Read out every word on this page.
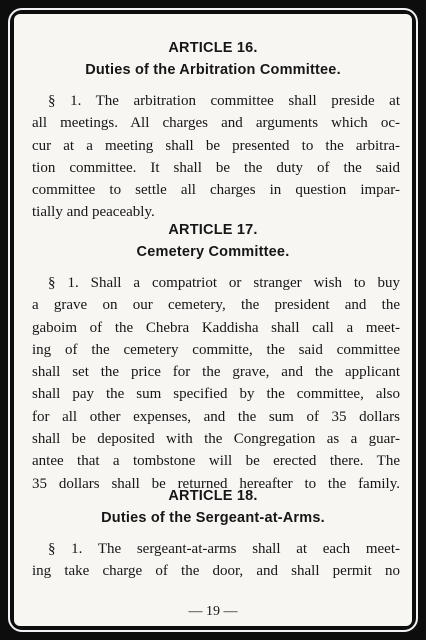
ARTICLE 16.
Duties of the Arbitration Committee.
§ 1. The arbitration committee shall preside at
all meetings. All charges and arguments which oc-
cur at a meeting shall be presented to the arbitra-
tion committee. It shall be the duty of the said
committee to settle all charges in question impar-
tially and peaceably.
ARTICLE 17.
Cemetery Committee.
§ 1. Shall a compatriot or stranger wish to buy
a grave on our cemetery, the president and the
gaboim of the Chebra Kaddisha shall call a meet-
ing of the cemetery committe, the said committee
shall set the price for the grave, and the applicant
shall pay the sum specified by the committee, also
for all other expenses, and the sum of 35 dollars
shall be deposited with the Congregation as a guar-
antee that a tombstone will be erected there. The
35 dollars shall be returned hereafter to the family.
ARTICLE 18.
Duties of the Sergeant-at-Arms.
§ 1. The sergeant-at-arms shall at each meet-
ing take charge of the door, and shall permit no
— 19 —
